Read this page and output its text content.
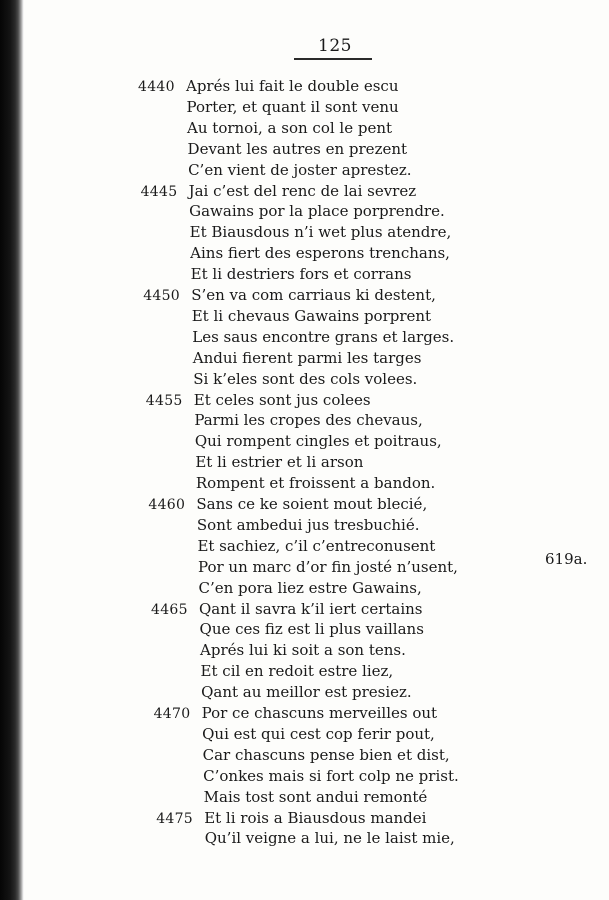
125
Aprés lui fait le double escu
4440
Porter, et quant il sont venu
Au tornoi, a son col le pent
Devant les autres en prezent
C’en vient de joster aprestez.
Jai c’est del renc de lai sevrez
4445
Gawains por la place porprendre.
Et Biausdous n’i wet plus atendre,
Ains fiert des esperons trenchans,
Et li destriers fors et corrans
S’en va com carriaus ki destent,
4450
Et li chevaus Gawains porprent
Les saus encontre grans et larges.
Andui fierent parmi les targes
Si k’eles sont des cols volees.
Et celes sont jus colees
4455
Parmi les cropes des chevaus,
Qui rompent cingles et poitraus,
Et li estrier et li arson
Rompent et froissent a bandon.
Sans ce ke soient mout blecié,
4460
Sont ambedui jus tresbuchié.
Et sachiez, c’il c’entreconusent
Por un marc d’or fin josté n’usent,
C’en pora liez estre Gawains,
Qant il savra k’il iert certains
4465
Que ces fiz est li plus vaillans
Aprés lui ki soit a son tens.
Et cil en redoit estre liez,
Qant au meillor est presiez.
Por ce chascuns merveilles out
4470
Qui est qui cest cop ferir pout,
Car chascuns pense bien et dist,
C’onkes mais si fort colp ne prist.
Mais tost sont andui remonté
Et li rois a Biausdous mandei
4475
Qu’il veigne a lui, ne le laist mie,
619a.
